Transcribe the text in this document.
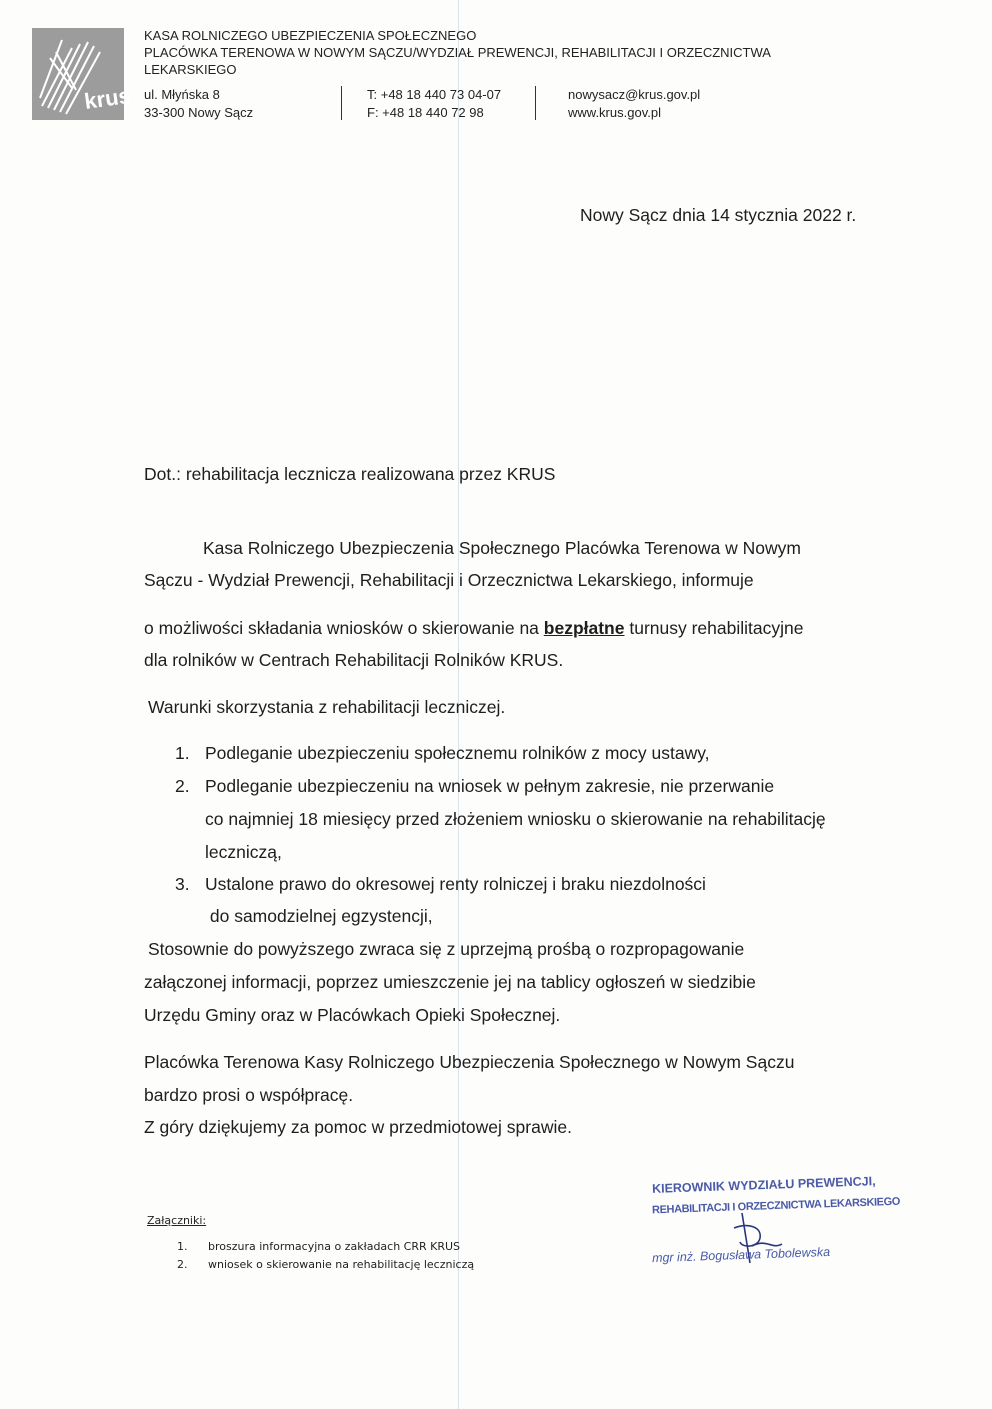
krus
KASA ROLNICZEGO UBEZPIECZENIA SPOŁECZNEGO
PLACÓWKA TERENOWA W NOWYM SĄCZU/WYDZIAŁ PREWENCJI, REHABILITACJI I ORZECZNICTWA
LEKARSKIEGO
ul. Młyńska 8
33-300 Nowy Sącz
T: +48 18 440 73 04-07
F: +48 18 440 72 98
nowysacz@krus.gov.pl
www.krus.gov.pl
Nowy Sącz dnia 14 stycznia 2022 r.
Dot.: rehabilitacja lecznicza realizowana przez KRUS
Kasa Rolniczego Ubezpieczenia Społecznego Placówka Terenowa w Nowym
Sączu - Wydział Prewencji, Rehabilitacji i Orzecznictwa Lekarskiego, informuje
o możliwości składania wniosków o skierowanie na bezpłatne turnusy rehabilitacyjne
dla rolników w Centrach Rehabilitacji Rolników KRUS.
Warunki skorzystania z rehabilitacji leczniczej.
1. Podleganie ubezpieczeniu społecznemu rolników z mocy ustawy,
2. Podleganie ubezpieczeniu na wniosek w pełnym zakresie, nie przerwanie
co najmniej 18 miesięcy przed złożeniem wniosku o skierowanie na rehabilitację
leczniczą,
3. Ustalone prawo do okresowej renty rolniczej i braku niezdolności
do samodzielnej egzystencji,
Stosownie do powyższego zwraca się z uprzejmą prośbą o rozpropagowanie
załączonej informacji, poprzez umieszczenie jej na tablicy ogłoszeń w siedzibie
Urzędu Gminy oraz w Placówkach Opieki Społecznej.
Placówka Terenowa Kasy Rolniczego Ubezpieczenia Społecznego w Nowym Sączu
bardzo prosi o współpracę.
Z góry dziękujemy za pomoc w przedmiotowej sprawie.
Załączniki:
1. broszura informacyjna o zakładach CRR KRUS
2. wniosek o skierowanie na rehabilitację leczniczą
KIEROWNIK WYDZIAŁU PREWENCJI,
REHABILITACJI I ORZECZNICTWA LEKARSKIEGO
mgr inż. Bogusława Tobolewska
